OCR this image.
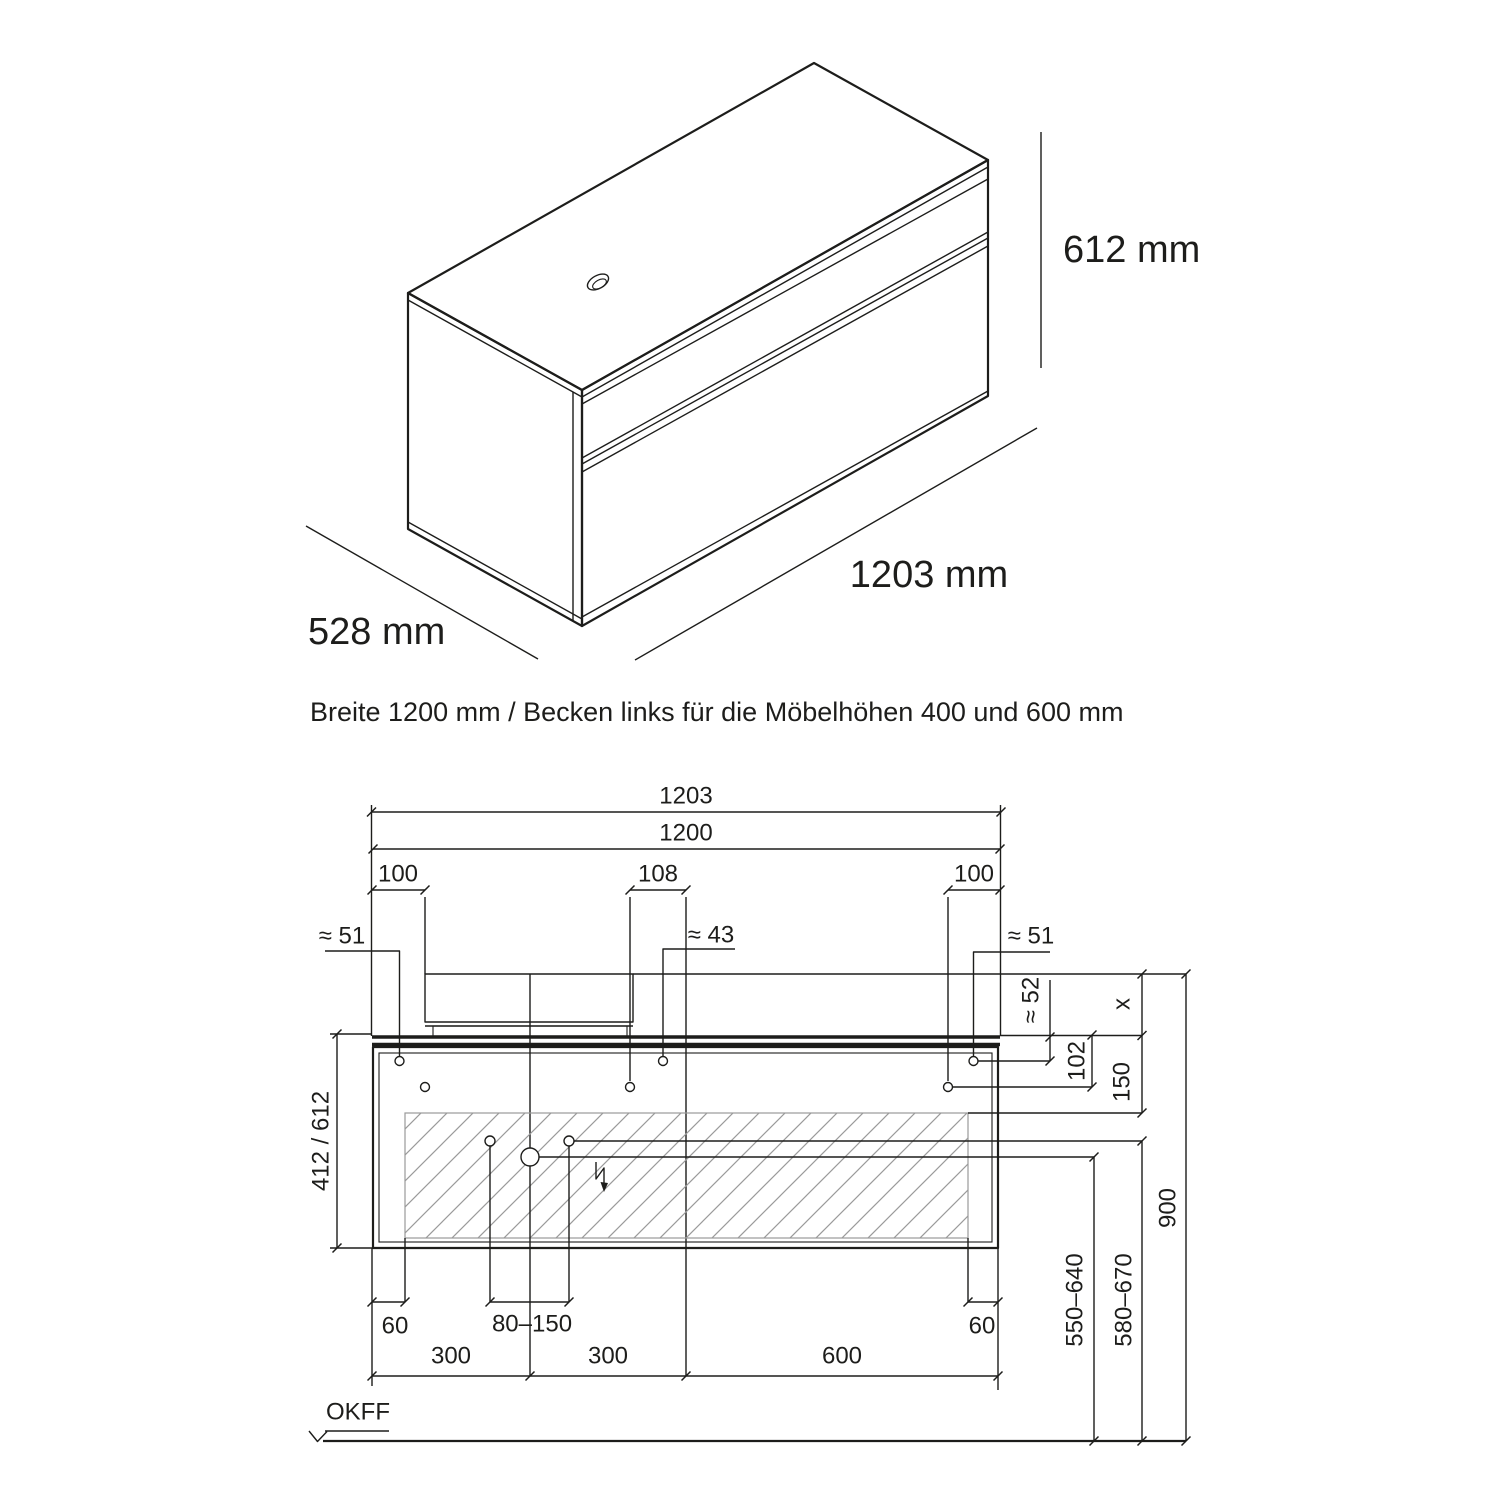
612 mm
1203 mm
528 mm
Breite 1200 mm / Becken links für die Möbelhöhen 400 und 600 mm
1203
1200
100	108	100
≈ 51	≈ 43	≈ 51
≈ 52	x
102
150
900
550–640 580–670
412 / 612
60	80–150	60
300	300	600
OKFF
